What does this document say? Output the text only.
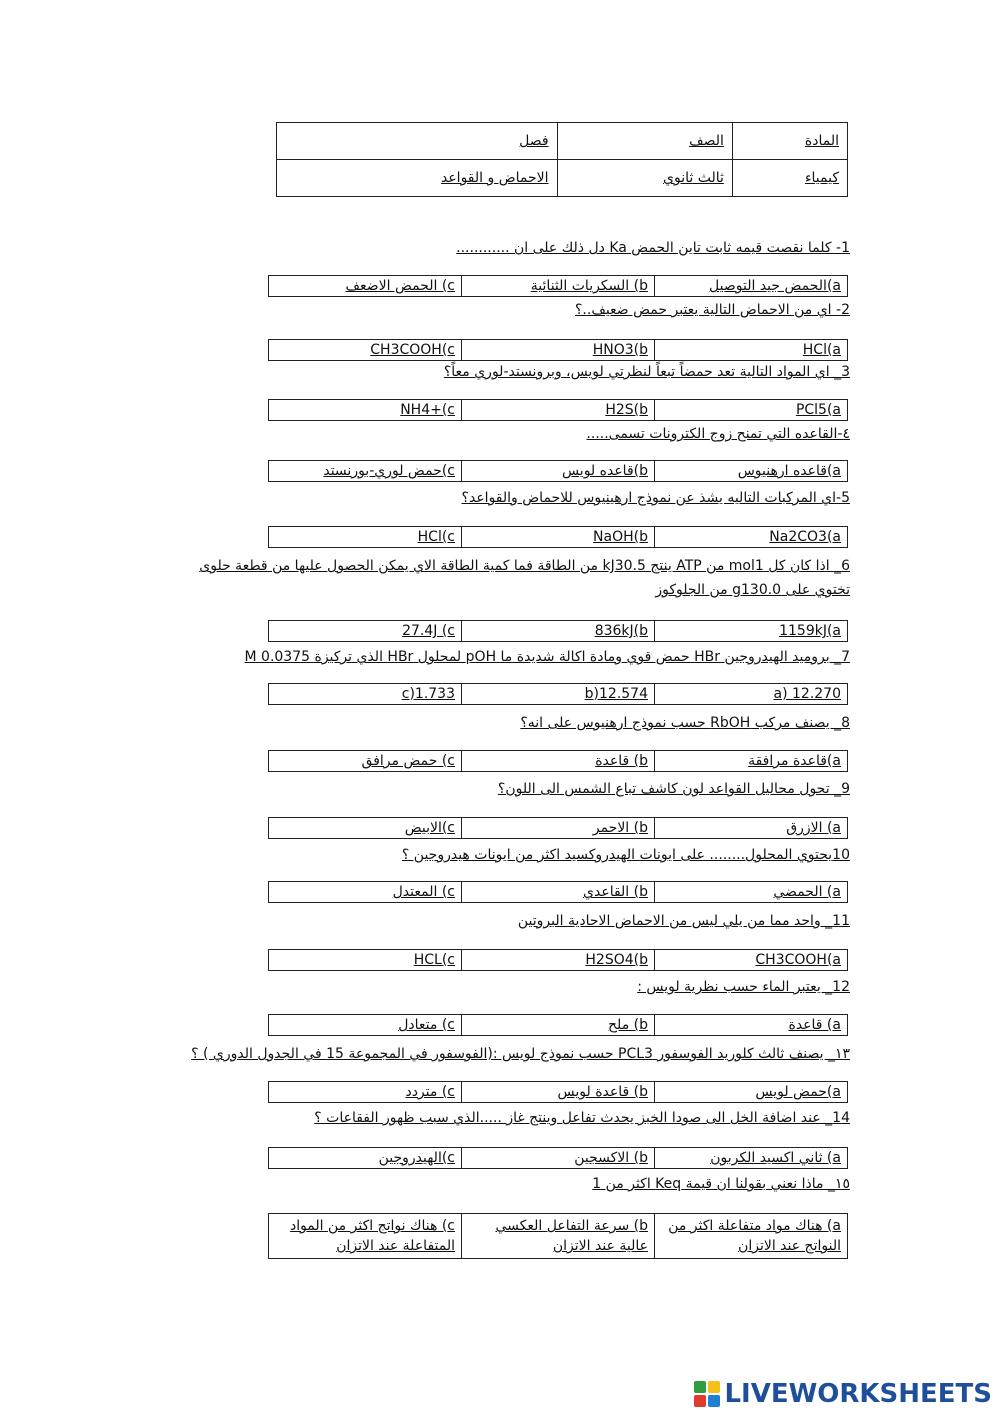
المادة	الصف	فصل
كيمياء	ثالث ثانوي	الاحماض و القواعد
1- كلما نقصت قيمه ثابت تاين الحمض Ka دل ذلك على ان ............
a)الحمض جيد التوصيل	b) السكريات الثنائية	c) الحمض الاضعف
2- اي من الاحماض التالية يعتبر حمض ضعيف..؟
HCl(a	HNO3(b	CH3COOH(c
3_ اي المواد التالية تعد حمضاً تبعاً لنظرتي لويس، وبرونستد-لوري معاً؟
PCl5(a	H2S(b	NH4+(c
٤-القاعده التي تمنح زوج الكترونات تسمى.....
a)قاعده ارهنيوس	b)قاعده لويس	c)حمض لوري-بورنستد
5-اي المركبات التاليه يشذ عن نموذج ارهينيوس للاحماض والقواعد؟
Na2CO3(a	NaOH(b	HCl(c
6_ اذا كان كل mol1 من ATP ينتج kJ30.5 من الطاقة فما كمية الطاقة الاي يمكن الحصول عليها من قطعة حلوى تختوي على g130.0 من الجلوكوز
1159kJ(a	836kJ(b	27.4J (c
7_ بروميد الهيدروجين HBr حمض قوي ومادة اكالة شديدة ما pOH لمحلول HBr الذي تركيزة M 0.0375
12.270 (a	12.574(b	1.733(c
8_ يصنف مركب RbOH حسب نموذج ارهنيوس على انه؟
a)قاعدة مرافقة	b) قاعدة	c) حمض مرافق
9_ تحول محاليل القواعد لون كاشف تباع الشمس الى اللون؟
a) الازرق	b) الاحمر	c)الابيض
10يحتوي المحلول........ على ايونات الهيدروكسيد اكثر من ايونات هيدروجين ؟
a) الحمضي	b) القاعدي	c) المعتدل
11_ واحد مما من يلي ليس من الاحماض الاحادية البروتين
CH3COOH(a	H2SO4(b	HCL(c
12_ يعتبر الماء حسب نظرية لويس :
a) قاعدة	b) ملح	c) متعادل
١٣_ يصنف ثالث كلوريد الفوسفور PCL3 حسب نموذج لويس :(الفوسفور في المجموعة 15 في الجدول الدوري ) ؟
a)حمض لويس	b) قاعدة لويس	c) متردد
14_ عند اضافة الخل الى صودا الخبز يحدث تفاعل وينتج غاز .....الذي سبب ظهور الفقاعات ؟
a) ثاني اكسيد الكربون	b) الاكسجين	c)الهيدروجين
١٥_ ماذا نعني بقولنا ان قيمة Keq اكثر من 1
a) هناك مواد متفاعلة اكثر من النواتج عند الاتزان	b) سرعة التفاعل العكسي عالية عند الاتزان	c) هناك نواتج اكثر من المواد المتفاعلة عند الاتزان
LIVEWORKSHEETS
